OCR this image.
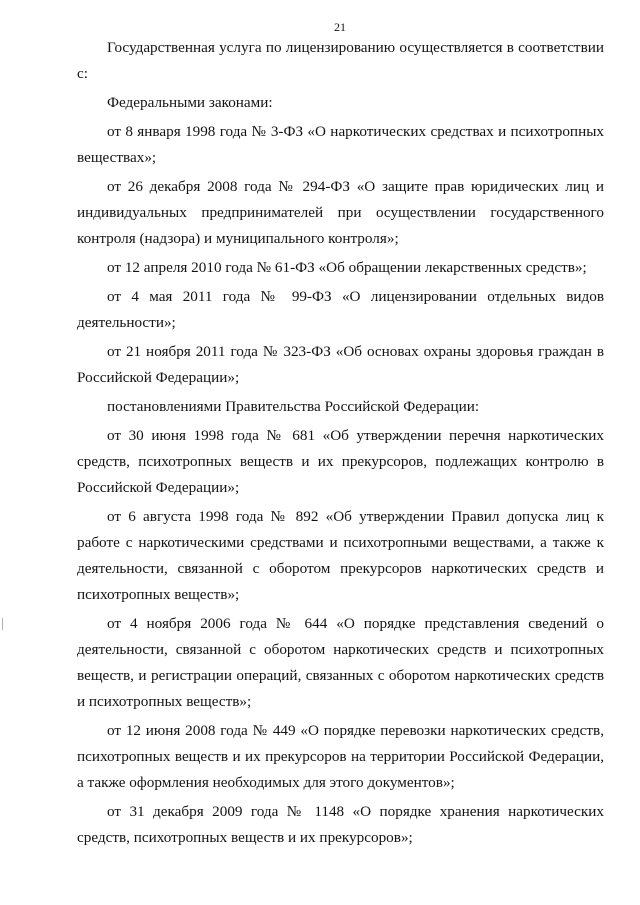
21

Государственная услуга по лицензированию осуществляется в соответствии с:

Федеральными законами:

от 8 января 1998 года № 3-ФЗ «О наркотических средствах и психотропных веществах»;

от 26 декабря 2008 года № 294-ФЗ «О защите прав юридических лиц и индивидуальных предпринимателей при осуществлении государственного контроля (надзора) и муниципального контроля»;

от 12 апреля 2010 года № 61-ФЗ «Об обращении лекарственных средств»;

от 4 мая 2011 года № 99-ФЗ «О лицензировании отдельных видов деятельности»;

от 21 ноября 2011 года № 323-ФЗ «Об основах охраны здоровья граждан в Российской Федерации»;

постановлениями Правительства Российской Федерации:

от 30 июня 1998 года № 681 «Об утверждении перечня наркотических средств, психотропных веществ и их прекурсоров, подлежащих контролю в Российской Федерации»;

от 6 августа 1998 года № 892 «Об утверждении Правил допуска лиц к работе с наркотическими средствами и психотропными веществами, а также к деятельности, связанной с оборотом прекурсоров наркотических средств и психотропных веществ»;

от 4 ноября 2006 года № 644 «О порядке представления сведений о деятельности, связанной с оборотом наркотических средств и психотропных веществ, и регистрации операций, связанных с оборотом наркотических средств и психотропных веществ»;

от 12 июня 2008 года № 449 «О порядке перевозки наркотических средств, психотропных веществ и их прекурсоров на территории Российской Федерации, а также оформления необходимых для этого документов»;

от 31 декабря 2009 года № 1148 «О порядке хранения наркотических средств, психотропных веществ и их прекурсоров»;
